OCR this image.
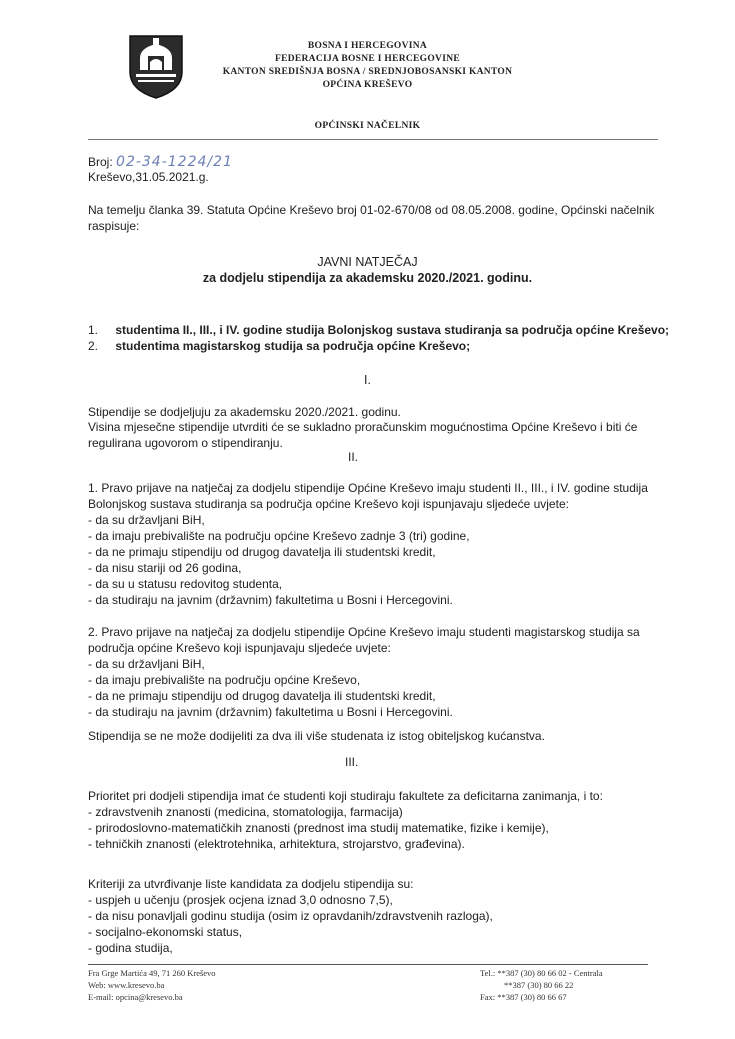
BOSNA I HERCEGOVINA
FEDERACIJA BOSNE I HERCEGOVINE
KANTON SREDIŠNJA BOSNA / SREDNJOBOSANSKI KANTON
OPĆINA KREŠEVO
OPĆINSKI NAČELNIK
Broj: 02-34-1224/21
Kreševo,31.05.2021.g.
Na temelju članka 39. Statuta Općine Kreševo broj 01-02-670/08 od 08.05.2008. godine, Općinski načelnik
raspisuje:
JAVNI NATJEČAJ
za dodjelu stipendija za akademsku 2020./2021. godinu.
1. studentima II., III., i IV. godine studija Bolonjskog sustava studiranja sa područja općine Kreševo;
2. studentima magistarskog studija sa područja općine Kreševo;
I.
Stipendije se dodjeljuju za akademsku 2020./2021. godinu.
Visina mjesečne stipendije utvrditi će se sukladno proračunskim mogućnostima Općine Kreševo i biti će
regulirana ugovorom o stipendiranju.
II.
1. Pravo prijave na natječaj za dodjelu stipendije Općine Kreševo imaju studenti II., III., i IV. godine studija
Bolonjskog sustava studiranja sa područja općine Kreševo koji ispunjavaju sljedeće uvjete:
- da su državljani BiH,
- da imaju prebivalište na području općine Kreševo zadnje 3 (tri) godine,
- da ne primaju stipendiju od drugog davatelja ili studentski kredit,
- da nisu stariji od 26 godina,
- da su u statusu redovitog studenta,
- da studiraju na javnim (državnim) fakultetima u Bosni i Hercegovini.
2. Pravo prijave na natječaj za dodjelu stipendije Općine Kreševo imaju studenti magistarskog studija sa
područja općine Kreševo koji ispunjavaju sljedeće uvjete:
- da su državljani BiH,
- da imaju prebivalište na području općine Kreševo,
- da ne primaju stipendiju od drugog davatelja ili studentski kredit,
- da studiraju na javnim (državnim) fakultetima u Bosni i Hercegovini.
Stipendija se ne može dodijeliti za dva ili više studenata iz istog obiteljskog kućanstva.
III.
Prioritet pri dodjeli stipendija imat će studenti koji studiraju fakultete za deficitarna zanimanja, i to:
- zdravstvenih znanosti (medicina, stomatologija, farmacija)
- prirodoslovno-matematičkih znanosti (prednost ima studij matematike, fizike i kemije),
- tehničkih znanosti (elektrotehnika, arhitektura, strojarstvo, građevina).
Kriteriji za utvrđivanje liste kandidata za dodjelu stipendija su:
- uspjeh u učenju (prosjek ocjena iznad 3,0 odnosno 7,5),
- da nisu ponavljali godinu studija (osim iz opravdanih/zdravstvenih razloga),
- socijalno-ekonomski status,
- godina studija,
Fra Grge Martića 49, 71 260 Kreševo
Web: www.kresevo.ba
E-mail: opcina@kresevo.ba
Tel.: **387 (30) 80 66 02 - Centrala
**387 (30) 80 66 22
Fax: **387 (30) 80 66 67
